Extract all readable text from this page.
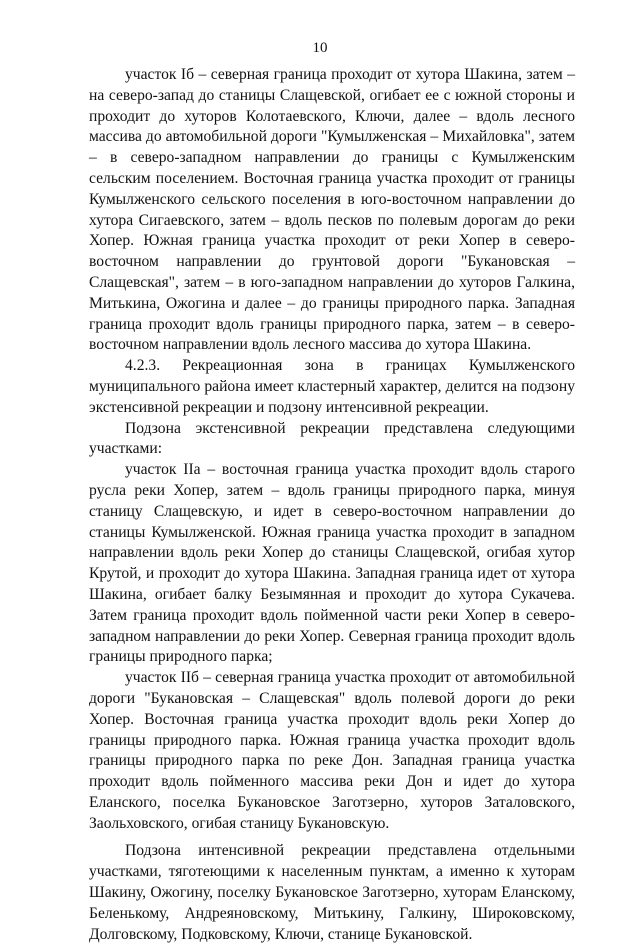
10

участок Iб – северная граница проходит от хутора Шакина, затем – на северо-запад до станицы Слащевской, огибает ее с южной стороны и проходит до хуторов Колотаевского, Ключи, далее – вдоль лесного массива до автомобильной дороги "Кумылженская – Михайловка", затем – в северо-западном направлении до границы с Кумылженским сельским поселением. Восточная граница участка проходит от границы Кумылженского сельского поселения в юго-восточном направлении до хутора Сигаевского, затем – вдоль песков по полевым дорогам до реки Хопер. Южная граница участка проходит от реки Хопер в северо-восточном направлении до грунтовой дороги "Букановская – Слащевская", затем – в юго-западном направлении до хуторов Галкина, Митькина, Ожогина и далее – до границы природного парка. Западная граница проходит вдоль границы природного парка, затем – в северо-восточном направлении вдоль лесного массива до хутора Шакина.

4.2.3. Рекреационная зона в границах Кумылженского муниципального района имеет кластерный характер, делится на подзону экстенсивной рекреации и подзону интенсивной рекреации.

Подзона экстенсивной рекреации представлена следующими участками:

участок IIа – восточная граница участка проходит вдоль старого русла реки Хопер, затем – вдоль границы природного парка, минуя станицу Слащевскую, и идет в северо-восточном направлении до станицы Кумылженской. Южная граница участка проходит в западном направлении вдоль реки Хопер до станицы Слащевской, огибая хутор Крутой, и проходит до хутора Шакина. Западная граница идет от хутора Шакина, огибает балку Безымянная и проходит до хутора Сукачева. Затем граница проходит вдоль пойменной части реки Хопер в северо-западном направлении до реки Хопер. Северная граница проходит вдоль границы природного парка;

участок IIб – северная граница участка проходит от автомобильной дороги "Букановская – Слащевская" вдоль полевой дороги до реки Хопер. Восточная граница участка проходит вдоль реки Хопер до границы природного парка. Южная граница участка проходит вдоль границы природного парка по реке Дон. Западная граница участка проходит вдоль пойменного массива реки Дон и идет до хутора Еланского, поселка Букановское Заготзерно, хуторов Заталовского, Заольховского, огибая станицу Букановскую.

Подзона интенсивной рекреации представлена отдельными участками, тяготеющими к населенным пунктам, а именно к хуторам Шакину, Ожогину, поселку Букановское Заготзерно, хуторам Еланскому, Беленькому, Андреяновскому, Митькину, Галкину, Широковскому, Долговскому, Подковскому, Ключи, станице Букановской.
